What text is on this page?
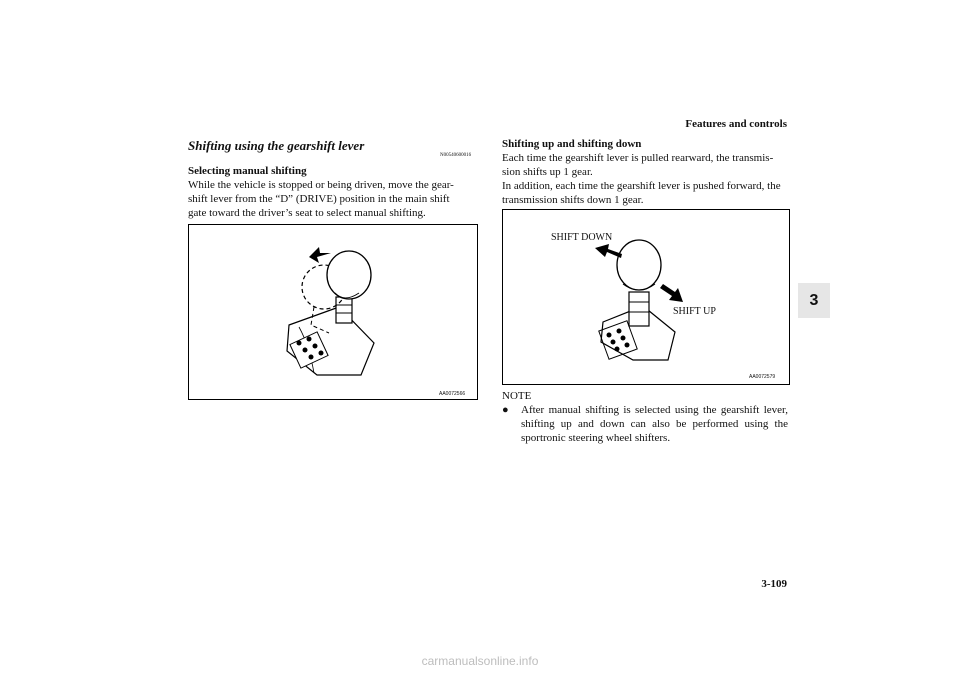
Features and controls
3-109
3
Shifting using the gearshift lever
N00540600016
Selecting manual shifting
While the vehicle is stopped or being driven, move the gear-
shift lever from the “D” (DRIVE) position in the main shift
gate toward the driver’s seat to select manual shifting.
AA0072566
Shifting up and shifting down
Each time the gearshift lever is pulled rearward, the transmis-
sion shifts up 1 gear.
In addition, each time the gearshift lever is pushed forward, the
transmission shifts down 1 gear.
SHIFT DOWN
SHIFT UP
AA0072579
NOTE
● After manual shifting is selected using the gearshift lever, shifting up and down can also be performed using the sportronic steering wheel shifters.
carmanualsonline.info
